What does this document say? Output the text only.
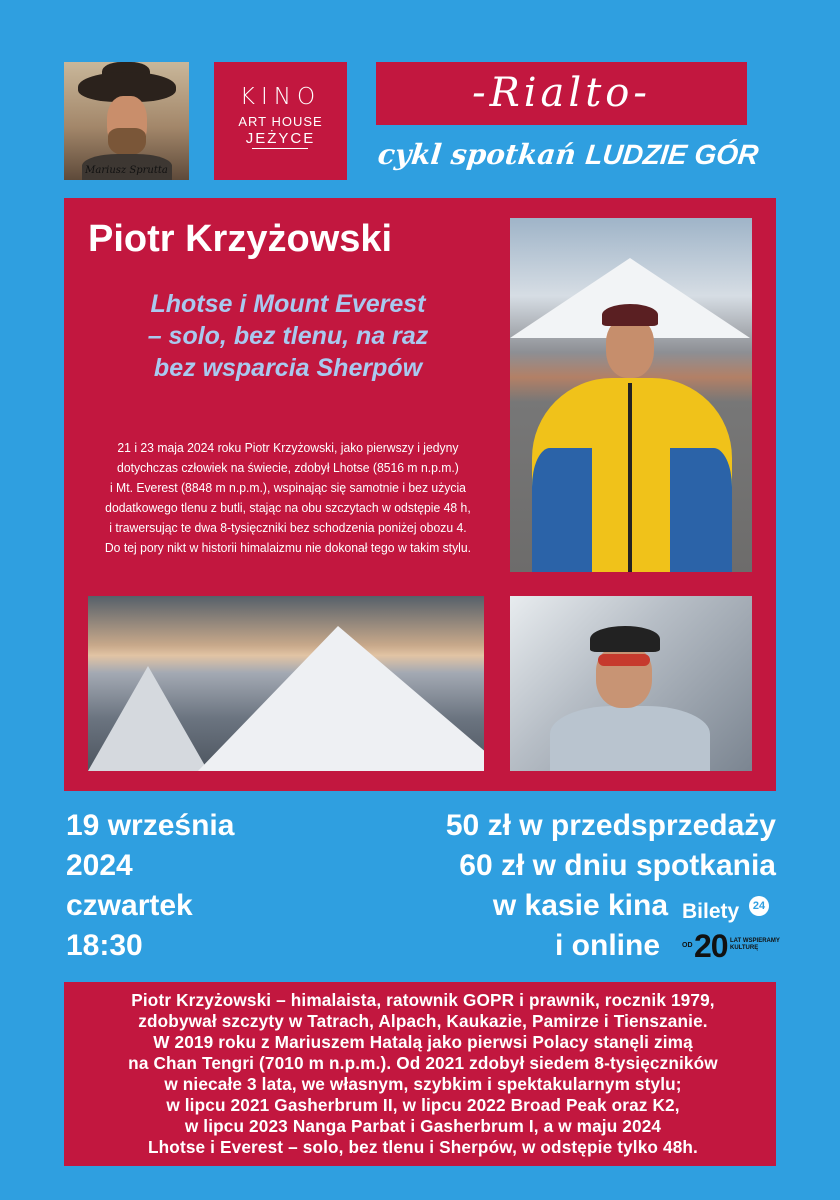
Mariusz Sprutta
KINO
ART HOUSE
JEŻYCE
-Rialto-
cykl spotkań LUDZIE GÓR
Piotr Krzyżowski
Lhotse i Mount Everest
– solo, bez tlenu, na raz
bez wsparcia Sherpów
21 i 23 maja 2024 roku Piotr Krzyżowski, jako pierwszy i jedyny
dotychczas człowiek na świecie, zdobył Lhotse (8516 m n.p.m.)
i Mt. Everest (8848 m n.p.m.), wspinając się samotnie i bez użycia
dodatkowego tlenu z butli, stając na obu szczytach w odstępie 48 h,
i trawersując te dwa 8-tysięczniki bez schodzenia poniżej obozu 4.
Do tej pory nikt w historii himalaizmu nie dokonał tego w takim stylu.
19 września
2024
czwartek
18:30
50 zł w przedsprzedaży
60 zł w dniu spotkania
w kasie kina
i online
Bilety	24
OD 20 LAT WSPIERAMY KULTURĘ
Piotr Krzyżowski – himalaista, ratownik GOPR i prawnik, rocznik 1979,
zdobywał szczyty w Tatrach, Alpach, Kaukazie, Pamirze i Tienszanie.
W 2019 roku z Mariuszem Hatalą jako pierwsi Polacy stanęli zimą
na Chan Tengri (7010 m n.p.m.). Od 2021 zdobył siedem 8-tysięczników
w niecałe 3 lata, we własnym, szybkim i spektakularnym stylu;
w lipcu 2021 Gasherbrum II, w lipcu 2022 Broad Peak oraz K2,
w lipcu 2023 Nanga Parbat i Gasherbrum I, a w maju 2024
Lhotse i Everest – solo, bez tlenu i Sherpów, w odstępie tylko 48h.
